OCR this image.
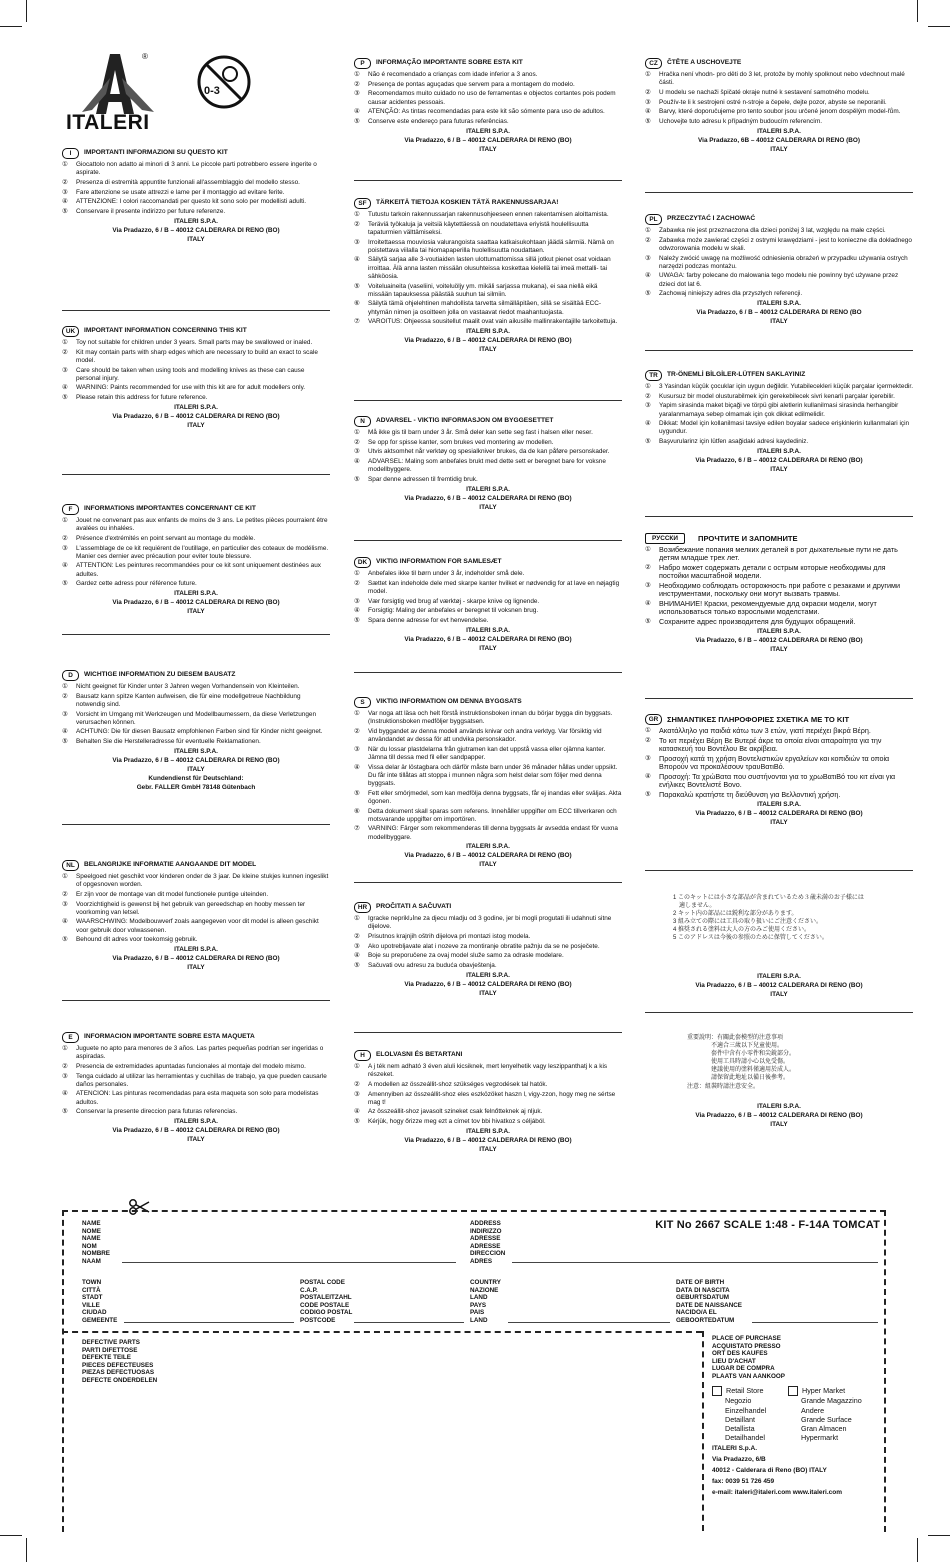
ITALERI
®
0-3
I	IMPORTANTI INFORMAZIONI SU QUESTO KIT
①	Giocattolo non adatto ai minori di 3 anni. Le piccole parti potrebbero essere ingerite o aspirate.
②	Presenza di estremità appuntite funzionali all'assemblaggio del modello stesso.
③	Fare attenzione se usate attrezzi e lame per il montaggio ad evitare ferite.
④	ATTENZIONE: I colori raccomandati per questo kit sono solo per modellisti adulti.
⑤	Conservare il presente indirizzo per future referenze.
ITALERI S.P.A.
Via Pradazzo, 6 / B – 40012 CALDERARA DI RENO (BO)
ITALY
UK	IMPORTANT INFORMATION CONCERNING THIS KIT
①	Toy not suitable for children under 3 years. Small parts may be swallowed or inaled.
②	Kit may contain parts with sharp edges which are necessary to build an exact to scale model.
③	Care should be taken when using tools and modelling knives as these can cause personal injury.
④	WARNING: Paints recommended for use with this kit are for adult modellers only.
⑤	Please retain this address for future reference.
ITALERI S.P.A.
Via Pradazzo, 6 / B – 40012 CALDERARA DI RENO (BO)
ITALY
F	INFORMATIONS IMPORTANTES CONCERNANT CE KIT
①	Jouet ne convenant pas aux enfants de moins de 3 ans. Le petites pièces pourraient être avalées ou inhalées.
②	Présence d'extrémités en point servant au montage du modèle.
③	L'assemblage de ce kit requiérent de l'outillage, en particulier des coteaux de modélisme. Manier ces dernier avec précaution pour eviter toute blessure.
④	ATTENTION: Les peintures recommandées pour ce kit sont uniquement destinées aux adultes.
⑤	Gardez cette adress pour référence future.
ITALERI S.P.A.
Via Pradazzo, 6 / B – 40012 CALDERARA DI RENO (BO)
ITALY
D	WICHTIGE INFORMATION ZU DIESEM BAUSATZ
①	Nicht geeignet für Kinder unter 3 Jahren wegen Vorhandensein von Kleinteilen.
②	Bausatz kann spitze Kanten aufweisen, die für eine modellgetreue Nachbildung notwendig sind.
③	Vorsicht im Umgang mit Werkzeugen und Modellbaumessern, da diese Verletzungen verursachen können.
④	ACHTUNG: Die für diesen Bausatz empfohlenen Farben sind für Kinder nicht geeignet.
⑤	Behalten Sie die Herstelleradresse für eventuelle Reklamationen.
ITALERI S.P.A.
Via Pradazzo, 6 / B – 40012 CALDERARA DI RENO (BO)
ITALY
Kundendienst für Deutschland:
Gebr. FALLER GmbH 78148 Gütenbach
NL	BELANGRIJKE INFORMATIE AANGAANDE DIT MODEL
①	Speelgoed niet geschikt voor kinderen onder de 3 jaar. De kleine stukjes kunnen ingeslikt of opgesnoven worden.
②	Er zijn voor de montage van dit model functionele puntige uiteinden.
③	Voorzichtigheid is gewenst bij het gebruik van gereedschap en hooby messen ter voorkoming van letsel.
④	WAARSCHWING: Modelbouwverf zoals aangegeven voor dit model is alleen geschikt voor gebruik door volwassenen.
⑤	Behound dit adres voor toekomsig gebruik.
ITALERI S.P.A.
Via Pradazzo, 6 / B – 40012 CALDERARA DI RENO (BO)
ITALY
E	INFORMACION IMPORTANTE SOBRE ESTA MAQUETA
①	Juguete no apto para menores de 3 años. Las partes pequeñas podrían ser ingeridas o aspiradas.
②	Presencia de extremidades apuntadas funcionales al montaje del modelo mismo.
③	Tenga cuidado al utilizar las herramientas y cuchillas de trabajo, ya que pueden causarle daños personales.
④	ATENCION: Las pinturas recomendadas para esta maqueta son solo para modelistas adultos.
⑤	Conservar la presente direccion para futuras referencias.
ITALERI S.P.A.
Via Pradazzo, 6 / B – 40012 CALDERARA DI RENO (BO)
ITALY
P	INFORMAÇÃO IMPORTANTE SOBRE ESTA KIT
①	Não é recomendado a crianças com idade inferior a 3 anos.
②	Presença de pontas aguçadas que servem para a montagem do modelo.
③	Recomendamos muito cuidado no uso de ferramentas e objectos cortantes pois podem causar acidentes pessoais.
④	ATENÇÃO: As tintas recomendadas para este kit são sómente para uso de adultos.
⑤	Conserve este endereço para futuras referências.
ITALERI S.P.A.
Via Pradazzo, 6 / B – 40012 CALDERARA DI RENO (BO)
ITALY
SF	TÄRKEITÄ TIETOJA KOSKIEN TÄTÄ RAKENNUSSARJAA!
①	Tutustu tarkoin rakennussarjan rakennusohjeeseen ennen rakentamisen aloittamista.
②	Teräviä työkaluja ja veitsiä käytettäessä on noudatettava eriyistä houlellisuutta tapaturmien välttämiseksi.
③	Irroitettaessa mouviosia valurangoista saattaa katkaisukohtaan jäädä särmiä. Nämä on poistettava viilalla tai hiomapaperilla huolellisuutta noudattaen.
④	Säilytä sarjaa alle 3-voutiaiden lasten ulottumattomissa sillä jotkut pienet osat voidaan irroittaa. Älä anna lasten missään olusuhteissa koskettaa kielellä tai imeä mettalli- tai sähköosia.
⑤	Voiteluaineita (vaseliini, voiteluöljy ym. mikäli sarjassa mukana), ei saa niellä eikä missään tapauksessa päästää suuhun tai silmiin.
⑥	Säilytä tämä ohjelehtinen mahdollista tarvetta silmälläpitäen, sillä se sisältää ECC-yhtymän nimen ja osoitteen jolla on vastaavat riedot maahantuojasta.
⑦	VAROITUS: Ohjeessa sousitellut maalit ovat vain aikusille mallinrakentajille tarkoitettuja.
ITALERI S.P.A.
Via Pradazzo, 6 / B – 40012 CALDERARA DI RENO (BO)
ITALY
N	ADVARSEL - VIKTIG INFORMASJON OM BYGGESETTET
①	Må ikke gis til barn under 3 år. Små deler kan sette seg fast i halsen eller neser.
②	Se opp for spisse kanter, som brukes ved montering av modellen.
③	Utvis aktsomhet når verktøy og spesialkniver brukes, da de kan påføre personskader.
④	ADVARSEL: Maling som anbefales brukt med dette sett er beregnet bare for voksne modellbyggere.
⑤	Spar denne adressen til fremtidig bruk.
ITALERI S.P.A.
Via Pradazzo, 6 / B – 40012 CALDERARA DI RENO (BO)
ITALY
DK	VIKTIG INFORMATION FOR SAMLESÆT
①	Anbefales ikke til børn under 3 år, indeholder små dele.
②	Sættet kan indeholde dele med skarpe kanter hvilket er nødvendig for at lave en nøjagtig model.
③	Vær forsigtig ved brug af værktøj - skarpe knive og lignende.
④	Forsigtig: Maling der anbefales er beregnet til voksnen brug.
⑤	Spara denne adresse for evt henvendelse.
ITALERI S.P.A.
Via Pradazzo, 6 / B – 40012 CALDERARA DI RENO (BO)
ITALY
S	VIKTIG INFORMATION OM DENNA BYGGSATS
①	Var noga att läsa och helt förstå instruktionsboken innan du börjar bygga din byggsats. (Instruktionsboken medföljer byggsatsen.
②	Vid byggandet av denna modell används knivar och andra verktyg. Var försiktig vid användandet av dessa för att undvika personskador.
③	När du lossar plastdelarna från gjutramen kan det uppstå vassa eller ojämna kanter. Jämna till dessa med fil eller sandpapper.
④	Vissa delar är löstagbara och därför måste barn under 36 månader hållas under uppsikt. Du får inte tillåtas att stoppa i munnen några som helst delar som följer med denna byggsats.
⑤	Fett eller smörjmedel, som kan medfölja denna byggsats, får ej inandas eller sväljas. Akta ögonen.
⑥	Detta dokument skall sparas som referens. Innehåller uppgifter om ECC tillverkaren och motsvarande uppgifter om importören.
⑦	VARNING: Färger som rekommenderas till denna byggsats är avsedda endast för vuxna modellbyggare.
ITALERI S.P.A.
Via Pradazzo, 6 / B – 40012 CALDERARA DI RENO (BO)
ITALY
HR	PROČITATI A SAČUVATI
①	Igracke nepriklادne za djecu mladju od 3 godine, jer bi mogli progutati ili udahnuti sitne dijelove.
②	Prisutnos krajnjih oštrih dijelova pri montazi istog modela.
③	Ako upotrebljavate alat i nozeve za montiranje obratite pažnju da se ne posječete.
④	Boje su preporučene za ovaj model služe samo za odrasle modelare.
⑤	Sačuvati ovu adresu za buduća obavještenja.
ITALERI S.P.A.
Via Pradazzo, 6 / B – 40012 CALDERARA DI RENO (BO)
ITALY
H	ELOLVASNI ÉS BETARTANI
①	A j ték nem adható 3 éven aluli kicsiknek, mert lenyelhetik vagy leszippanthatj k a kis részeket.
②	A modellen az összeállit-shoz szükséges vegzodések tal hatók.
③	Amennyiben az összeállit-shoz eles eszközöket haszn l, vigy-zzon, hogy meg ne sértse mag t!
④	Az összeállit-shoz javasolt szineket csak felnőtteknek aj nljuk.
⑤	Kérjük, hogy őrizze meg ezt a címet tov bbi hivatkoz s céljából.
ITALERI S.P.A.
Via Pradazzo, 6 / B – 40012 CALDERARA DI RENO (BO)
ITALY
CZ	ČTĚTE A USCHOVEJTE
①	Hračka není vhodn- pro děti do 3 let, protože by mohly spolknout nebo vdechnout malé části.
②	U modelu se nachaži špičaté okraje nutné k sestavení samotného modelu.
③	Použív-te li k sestrojeni ostré n-stroje a čepele, dejte pozor, abyste se neporanili.
④	Barvy, které doporučujeme pro tento soubor jsou určené jenom dospělým model-řům.
⑤	Uchovejte tuto adresu k případným budoucím referencím.
ITALERI S.P.A.
Via Pradazzo, 6B – 40012 CALDERARA DI RENO (BO)
ITALY
PL	PRZECZYTAĆ I ZACHOWAĆ
①	Zabawka nie jest przeznaczona dla dzieci poniżej 3 lat, względu na małe części.
②	Zabawka może zawierać części z ostrymi krawędziami - jest to konieczne dla dokładnego odwzorowania modelu w skali.
③	Należy zwócić uwagę na możliwość odniesienia obrażeń w przypadku używania ostrych narzędzi podczas montażu.
④	UWAGA: farby polecane do malowania tego modelu nie powinny być używane przez dzieci dot lat 6.
⑤	Zachowaj niniejszy adres dla przyszłych referencji.
ITALERI S.P.A.
Via Pradazzo, 6 / B – 40012 CALDERARA DI RENO (BO
ITALY
TR	TR-ÖNEMLİ BİLGİLER-LÜTFEN SAKLAYINIZ
①	3 Yasindan küçük çocuklar için uygun değildir. Yutabilecekleri küçük parçalar içermektedir.
②	Kusursuz bir model olusturabilmek için gerekebilecek sivri kenarli parçalar içerebilir.
③	Yapim sirasinda maket biçaği ve törpü gibi aletlerin kullanilmasi sirasinda herhangibir yaralanmamaya sebep olmamak için çok dikkat edilmelidir.
④	Dikkat: Model için kollanilmasi tavsiye edilen boyalar sadece erişkinlerin kullanmalari için uygundur.
⑤	Başvurularinz için lütfen asağidaki adresi kaydediniz.
ITALERI S.P.A.
Via Pradazzo, 6 / B – 40012 CALDERARA DI RENO (BO)
ITALY
РУССКИ	ПРОЧТИТЕ И ЗАПОМНИТЕ
①	Возибежание попания мелких деталей в рот дыхательные пути не дать детям младше трех лет.
②	Набро может содержать детали с острым которые необходимы для постойки масштабной модели.
③	Необходимо соблюдать осторожность при работе с резаками и другими инструментами, поскольку они могут вызвать травмы.
④	ВНИМАНИЕ! Краски, рекомендуемые длд окраски модели, могут использоваться только взрослыми моделстами.
⑤	Сохраните адрес производителя для будущих обращений.
ITALERI S.P.A.
Via Pradazzo, 6 / B – 40012 CALDERARA DI RENO (BO)
ITALY
GR	ΣΗΜΑΝΤΙΚΕΣ ΠΛΗΡΟΦΟΡΙΕΣ ΣΧΕΤΙΚΑ ΜΕ ΤΟ ΚΙΤ
①	Ακατάλληλο για παιδιά κάτω των 3 ετών, γιατί περιέχει βικρά Βέρη.
②	Το κιτ περιέχει Βέρη Βε Βυτερέ άκρε τα οποία είναι απαραίτητα για την κατασκευή του Βοντέλου Βε ακρίβεια.
③	Προσοχή κατά τη χρήση Βοντελιστικών εργαλείων και κοπιδιών τα οποία Βπορούν να προκαλέσουν τραυΒατιΒό.
④	Προσοχή: Τα χρώΒατα που συστήνονται για το χρωΒατιΒό του κιτ είναι για ενήλικες Βοντελιστέ Βονο.
⑤	Παρακαλώ κρατήστε τη διεύθυνση για Βελλοντική χρήση.
ITALERI S.P.A.
Via Pradazzo, 6 / B – 40012 CALDERARA DI RENO (BO)
ITALY
1 このキットには小さな部品が含まれているため３歳未満のお子様には
　適しません。
2 キット内の部品には鋭利な部分があります。
3 組み立ての際には工具の取り扱いにご注意ください。
4 推奨される塗料は大人の方のみご使用ください。
5 このアドレスは今後の参照のために保管してください。
ITALERI S.P.A.
Via Pradazzo, 6 / B – 40012 CALDERARA DI RENO (BO)
ITALY
重要說明：有關此套模型的注意事項
　　　　不適合三歲以下兒童使用。
　　　　套件中含有小零件和尖銳部分。
　　　　使用工具時請小心以免受傷。
　　　　建議使用的塗料僅適用於成人。
　　　　請保留此地址以備日後參考。
注意：組裝時請注意安全。
ITALERI S.P.A.
Via Pradazzo, 6 / B – 40012 CALDERARA DI RENO (BO)
ITALY
KIT No 2667 SCALE 1:48 - F-14A TOMCAT
NAME
NOME
NAME
NOM
NOMBRE
NAAM
ADDRESS
INDIRIZZO
ADRESSE
ADRESSE
DIRECCION
ADRES
TOWN
CITTÀ
STADT
VILLE
CIUDAD
GEMEENTE
POSTAL CODE
C.A.P.
POSTALEITZAHL
CODE POSTALE
CODIGO POSTAL
POSTCODE
COUNTRY
NAZIONE
LAND
PAYS
PAIS
LAND
DATE OF BIRTH
DATA DI NASCITA
GEBURTSDATUM
DATE DE NAISSANCE
NACIDO/A EL
GEBOORTEDATUM
DEFECTIVE PARTS
PARTI DIFETTOSE
DEFEKTE TEILE
PIECES DEFECTEUSES
PIEZAS DEFECTUOSAS
DEFECTE ONDERDELEN
PLACE OF PURCHASE
ACQUISTATO PRESSO
ORT DES KAUFES
LIEU D'ACHAT
LUGAR DE COMPRA
PLAATS VAN AANKOOP
Retail Store
Negozio
Einzelhandel
Detaillant
Detallista
Detailhandel
Hyper Market
Grande Magazzino
Andere
Grande Surface
Gran Almacen
Hypermarkt
ITALERI S.p.A.
Via Pradazzo, 6/B
40012 - Calderara di Reno (BO) ITALY
fax: 0039 51 726 459
e-mail: italeri@italeri.com www.italeri.com
